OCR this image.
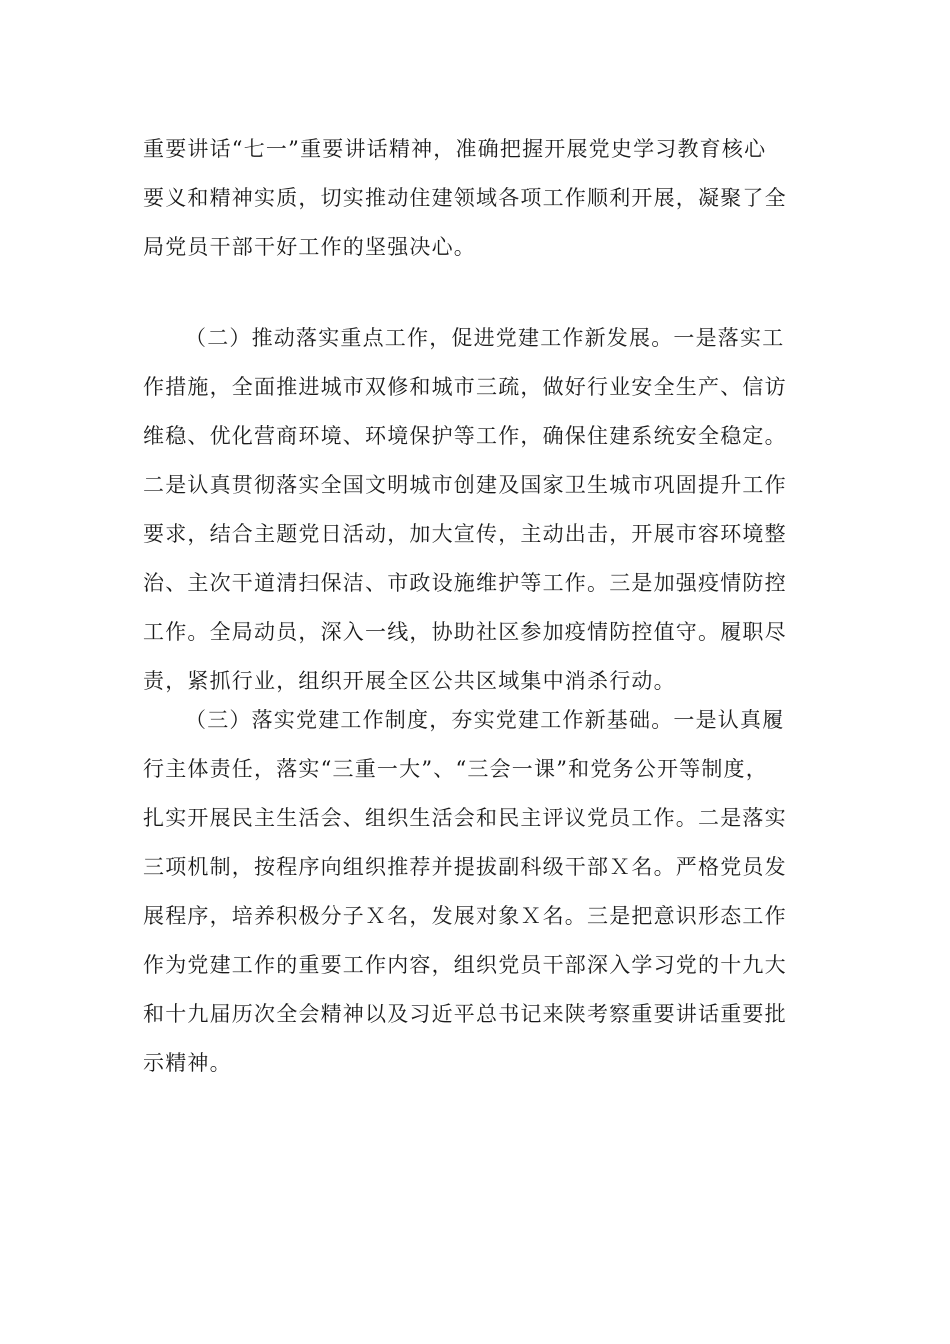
重要讲话“七一”重要讲话精神，准确把握开展党史学习教育核心
要义和精神实质，切实推动住建领域各项工作顺利开展，凝聚了全
局党员干部干好工作的坚强决心。
（二）推动落实重点工作，促进党建工作新发展。一是落实工
作措施，全面推进城市双修和城市三疏，做好行业安全生产、信访
维稳、优化营商环境、环境保护等工作，确保住建系统安全稳定。
二是认真贯彻落实全国文明城市创建及国家卫生城市巩固提升工作
要求，结合主题党日活动，加大宣传，主动出击，开展市容环境整
治、主次干道清扫保洁、市政设施维护等工作。三是加强疫情防控
工作。全局动员，深入一线，协助社区参加疫情防控值守。履职尽
责，紧抓行业，组织开展全区公共区域集中消杀行动。
（三）落实党建工作制度，夯实党建工作新基础。一是认真履
行主体责任，落实“三重一大”、“三会一课”和党务公开等制度，
扎实开展民主生活会、组织生活会和民主评议党员工作。二是落实
三项机制，按程序向组织推荐并提拔副科级干部Ｘ名。严格党员发
展程序，培养积极分子Ｘ名，发展对象Ｘ名。三是把意识形态工作
作为党建工作的重要工作内容，组织党员干部深入学习党的十九大
和十九届历次全会精神以及习近平总书记来陕考察重要讲话重要批
示精神。
